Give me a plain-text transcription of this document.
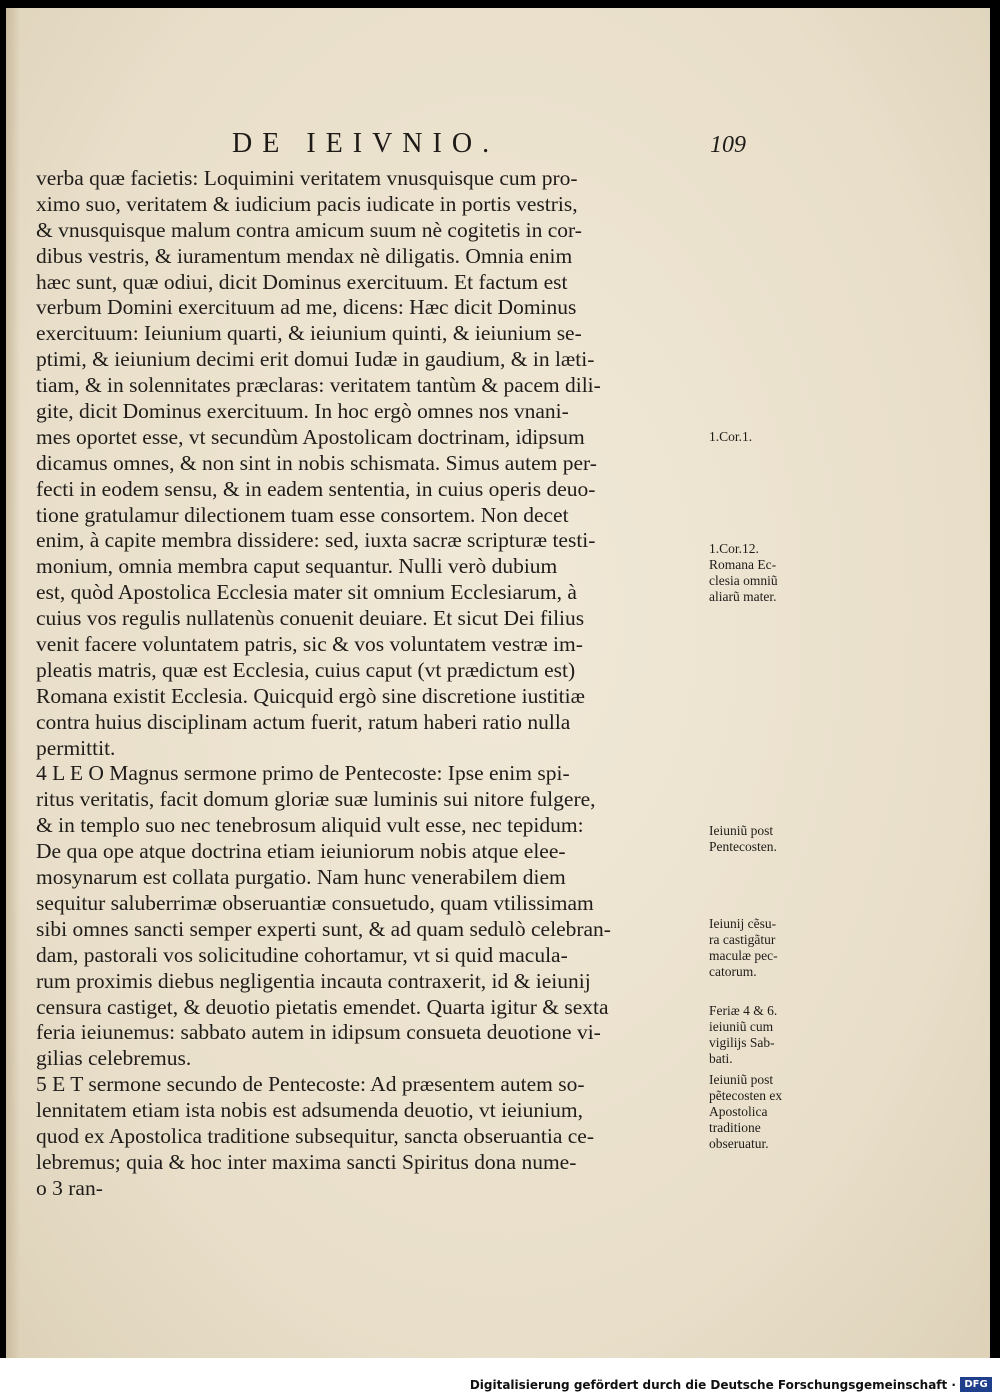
DE IEIVNIO.	109
verba quæ facietis: Loquimini veritatem vnusquisque cum pro-
ximo suo, veritatem & iudicium pacis iudicate in portis vestris,
& vnusquisque malum contra amicum suum nè cogitetis in cor-
dibus vestris, & iuramentum mendax nè diligatis. Omnia enim
hæc sunt, quæ odiui, dicit Dominus exercituum. Et factum est
verbum Domini exercituum ad me, dicens: Hæc dicit Dominus
exercituum: Ieiunium quarti, & ieiunium quinti, & ieiunium se-
ptimi, & ieiunium decimi erit domui Iudæ in gaudium, & in læti-
tiam, & in solennitates præclaras: veritatem tantùm & pacem dili-
gite, dicit Dominus exercituum. In hoc ergò omnes nos vnani-
mes oportet esse, vt secundùm Apostolicam doctrinam, idipsum
dicamus omnes, & non sint in nobis schismata. Simus autem per-
fecti in eodem sensu, & in eadem sententia, in cuius operis deuo-
tione gratulamur dilectionem tuam esse consortem. Non decet
enim, à capite membra dissidere: sed, iuxta sacræ scripturæ testi-
monium, omnia membra caput sequantur. Nulli verò dubium
est, quòd Apostolica Ecclesia mater sit omnium Ecclesiarum, à
cuius vos regulis nullatenùs conuenit deuiare. Et sicut Dei filius
venit facere voluntatem patris, sic & vos voluntatem vestræ im-
pleatis matris, quæ est Ecclesia, cuius caput (vt prædictum est)
Romana existit Ecclesia. Quicquid ergò sine discretione iustitiæ
contra huius disciplinam actum fuerit, ratum haberi ratio nulla
permittit.
4 L E O Magnus sermone primo de Pentecoste: Ipse enim spi-
ritus veritatis, facit domum gloriæ suæ luminis sui nitore fulgere,
& in templo suo nec tenebrosum aliquid vult esse, nec tepidum:
De qua ope atque doctrina etiam ieiuniorum nobis atque elee-
mosynarum est collata purgatio. Nam hunc venerabilem diem
sequitur saluberrimæ obseruantiæ consuetudo, quam vtilissimam
sibi omnes sancti semper experti sunt, & ad quam sedulò celebran-
dam, pastorali vos solicitudine cohortamur, vt si quid macula-
rum proximis diebus negligentia incauta contraxerit, id & ieiunij
censura castiget, & deuotio pietatis emendet. Quarta igitur & sexta
feria ieiunemus: sabbato autem in idipsum consueta deuotione vi-
gilias celebremus.
5 E T sermone secundo de Pentecoste: Ad præsentem autem so-
lennitatem etiam ista nobis est adsumenda deuotio, vt ieiunium,
quod ex Apostolica traditione subsequitur, sancta obseruantia ce-
lebremus; quia & hoc inter maxima sancti Spiritus dona nume-
o 3 ran-
1.Cor.1.
1.Cor.12.
Romana Ec-
clesia omniũ
aliarũ mater.
Ieiuniũ post
Pentecosten.
Ieiunij cẽsu-
ra castigãtur
maculæ pec-
catorum.
Feriæ 4 & 6.
ieiuniũ cum
vigilijs Sab-
bati.
Ieiuniũ post
pẽtecosten ex
Apostolica
traditione
obseruatur.
Digitalisierung gefördert durch die Deutsche Forschungsgemeinschaft · DFG
